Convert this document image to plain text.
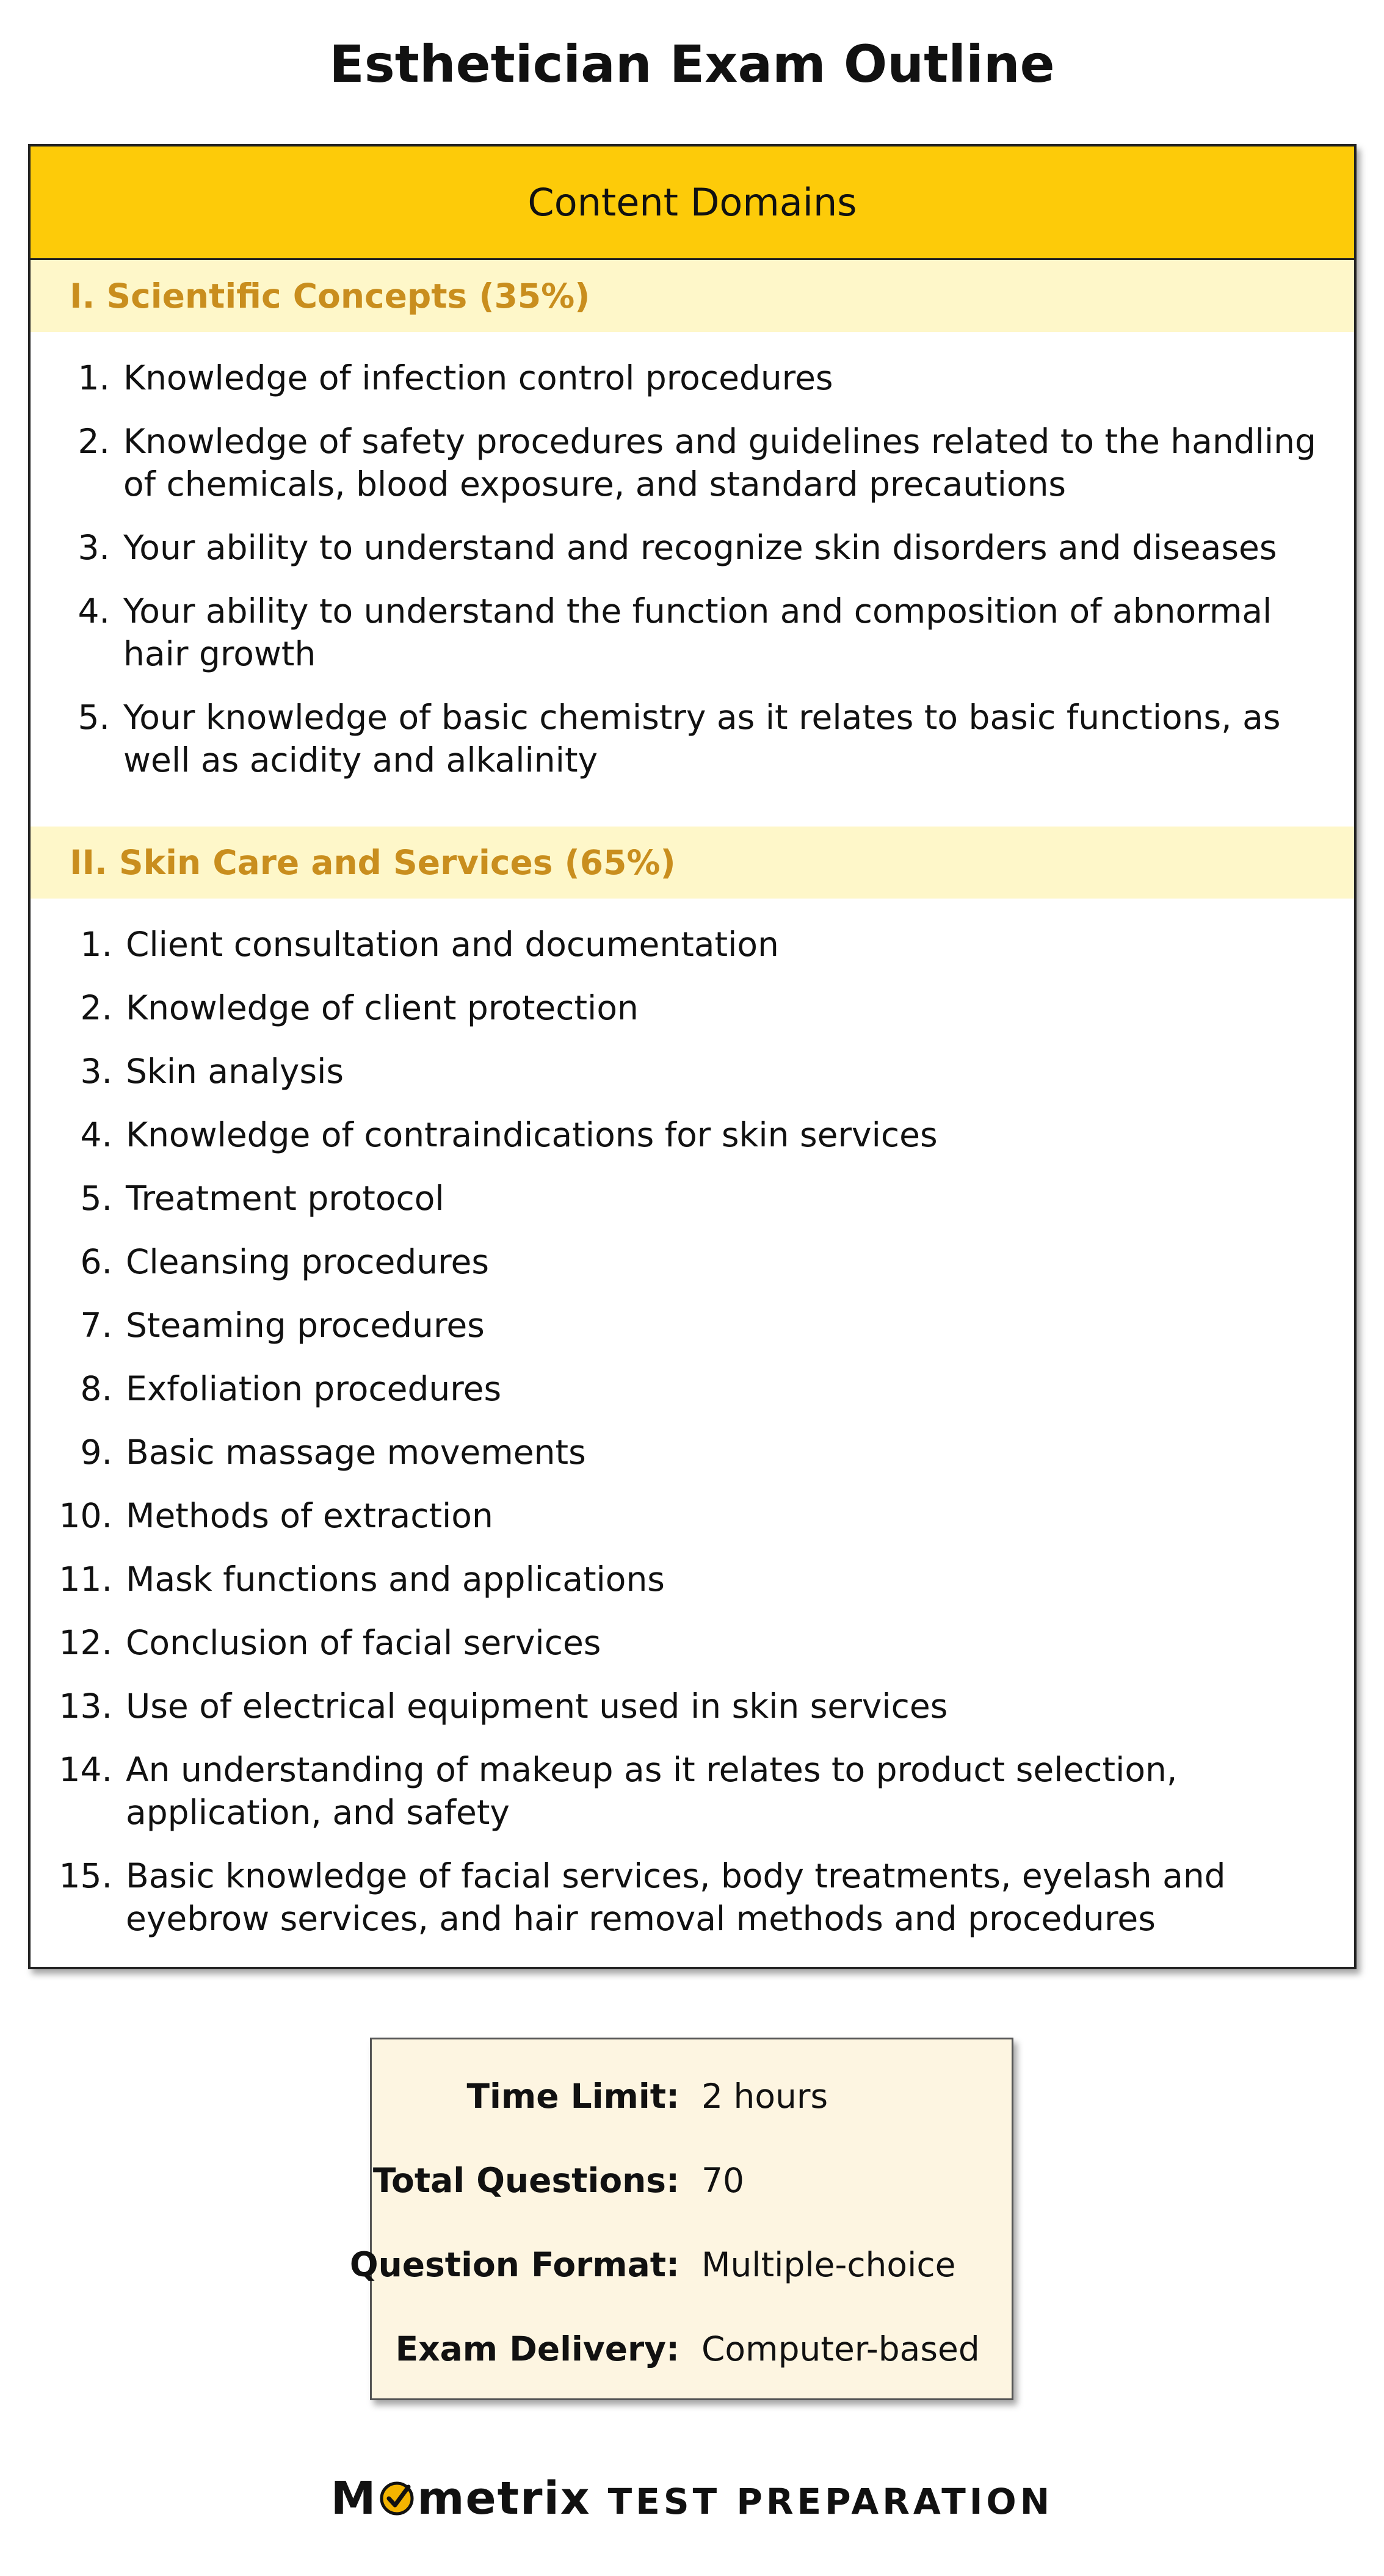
Esthetician Exam Outline
Content Domains
I. Scientific Concepts (35%)
1. Knowledge of infection control procedures
2. Knowledge of safety procedures and guidelines related to the handling of chemicals, blood exposure, and standard precautions
3. Your ability to understand and recognize skin disorders and diseases
4. Your ability to understand the function and composition of abnormal hair growth
5. Your knowledge of basic chemistry as it relates to basic functions, as well as acidity and alkalinity
II. Skin Care and Services (65%)
1. Client consultation and documentation
2. Knowledge of client protection
3. Skin analysis
4. Knowledge of contraindications for skin services
5. Treatment protocol
6. Cleansing procedures
7. Steaming procedures
8. Exfoliation procedures
9. Basic massage movements
10. Methods of extraction
11. Mask functions and applications
12. Conclusion of facial services
13. Use of electrical equipment used in skin services
14. An understanding of makeup as it relates to product selection, application, and safety
15. Basic knowledge of facial services, body treatments, eyelash and eyebrow services, and hair removal methods and procedures
Time Limit: 2 hours
Total Questions: 70
Question Format: Multiple-choice
Exam Delivery: Computer-based
M metrix TEST PREPARATION
